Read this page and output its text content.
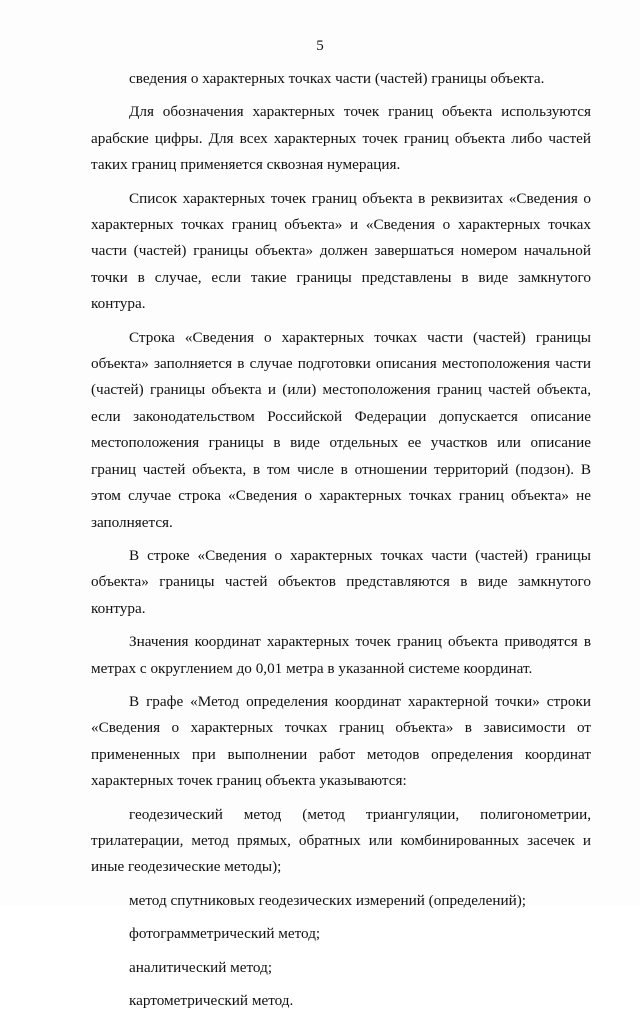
5

сведения о характерных точках части (частей) границы объекта.

Для обозначения характерных точек границ объекта используются арабские цифры. Для всех характерных точек границ объекта либо частей таких границ применяется сквозная нумерация.

Список характерных точек границ объекта в реквизитах «Сведения о характерных точках границ объекта» и «Сведения о характерных точках части (частей) границы объекта» должен завершаться номером начальной точки в случае, если такие границы представлены в виде замкнутого контура.

Строка «Сведения о характерных точках части (частей) границы объекта» заполняется в случае подготовки описания местоположения части (частей) границы объекта и (или) местоположения границ частей объекта, если законодательством Российской Федерации допускается описание местоположения границы в виде отдельных ее участков или описание границ частей объекта, в том числе в отношении территорий (подзон). В этом случае строка «Сведения о характерных точках границ объекта» не заполняется.

В строке «Сведения о характерных точках части (частей) границы объекта» границы частей объектов представляются в виде замкнутого контура.

Значения координат характерных точек границ объекта приводятся в метрах с округлением до 0,01 метра в указанной системе координат.

В графе «Метод определения координат характерной точки» строки «Сведения о характерных точках границ объекта» в зависимости от примененных при выполнении работ методов определения координат характерных точек границ объекта указываются:

геодезический метод (метод триангуляции, полигонометрии, трилатерации, метод прямых, обратных или комбинированных засечек и иные геодезические методы);

метод спутниковых геодезических измерений (определений);

фотограмметрический метод;

аналитический метод;

картометрический метод.
